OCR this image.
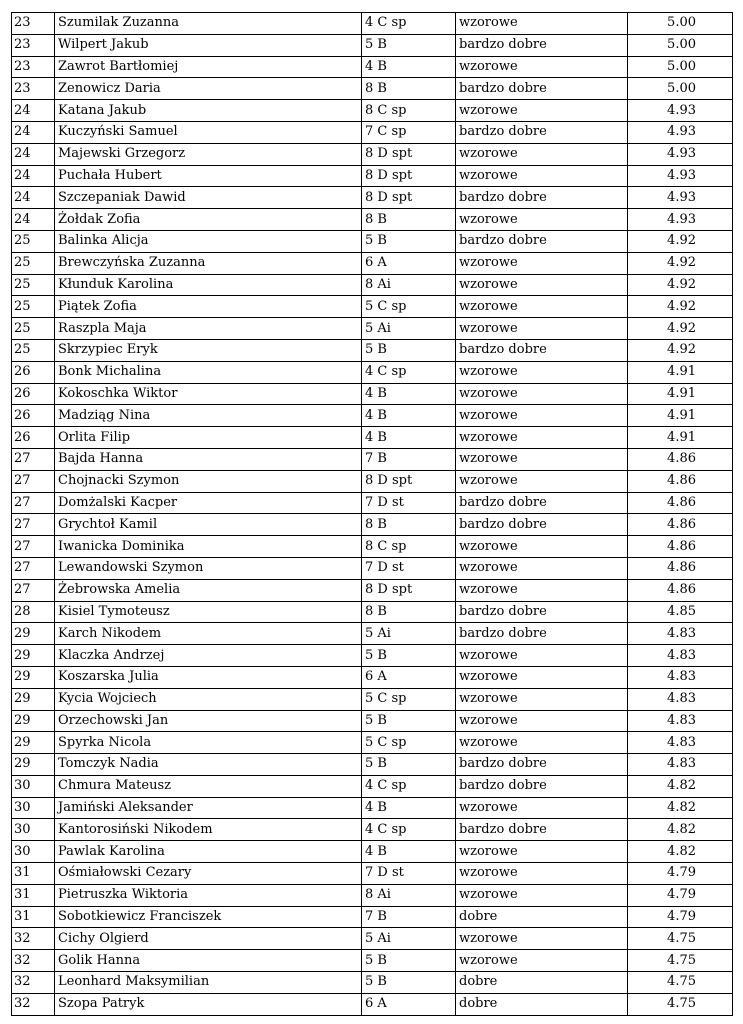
23	Szumilak Zuzanna	4 C sp	wzorowe	5.00
23	Wilpert Jakub	5 B	bardzo dobre	5.00
23	Zawrot Bartłomiej	4 B	wzorowe	5.00
23	Zenowicz Daria	8 B	bardzo dobre	5.00
24	Katana Jakub	8 C sp	wzorowe	4.93
24	Kuczyński Samuel	7 C sp	bardzo dobre	4.93
24	Majewski Grzegorz	8 D spt	wzorowe	4.93
24	Puchała Hubert	8 D spt	wzorowe	4.93
24	Szczepaniak Dawid	8 D spt	bardzo dobre	4.93
24	Żołdak Zofia	8 B	wzorowe	4.93
25	Balinka Alicja	5 B	bardzo dobre	4.92
25	Brewczyńska Zuzanna	6 A	wzorowe	4.92
25	Kłunduk Karolina	8 Ai	wzorowe	4.92
25	Piątek Zofia	5 C sp	wzorowe	4.92
25	Raszpla Maja	5 Ai	wzorowe	4.92
25	Skrzypiec Eryk	5 B	bardzo dobre	4.92
26	Bonk Michalina	4 C sp	wzorowe	4.91
26	Kokoschka Wiktor	4 B	wzorowe	4.91
26	Madziąg Nina	4 B	wzorowe	4.91
26	Orlita Filip	4 B	wzorowe	4.91
27	Bajda Hanna	7 B	wzorowe	4.86
27	Chojnacki Szymon	8 D spt	wzorowe	4.86
27	Domżalski Kacper	7 D st	bardzo dobre	4.86
27	Grychtoł Kamil	8 B	bardzo dobre	4.86
27	Iwanicka Dominika	8 C sp	wzorowe	4.86
27	Lewandowski Szymon	7 D st	wzorowe	4.86
27	Żebrowska Amelia	8 D spt	wzorowe	4.86
28	Kisiel Tymoteusz	8 B	bardzo dobre	4.85
29	Karch Nikodem	5 Ai	bardzo dobre	4.83
29	Klaczka Andrzej	5 B	wzorowe	4.83
29	Koszarska Julia	6 A	wzorowe	4.83
29	Kycia Wojciech	5 C sp	wzorowe	4.83
29	Orzechowski Jan	5 B	wzorowe	4.83
29	Spyrka Nicola	5 C sp	wzorowe	4.83
29	Tomczyk Nadia	5 B	bardzo dobre	4.83
30	Chmura Mateusz	4 C sp	bardzo dobre	4.82
30	Jamiński Aleksander	4 B	wzorowe	4.82
30	Kantorosiński Nikodem	4 C sp	bardzo dobre	4.82
30	Pawlak Karolina	4 B	wzorowe	4.82
31	Ośmiałowski Cezary	7 D st	wzorowe	4.79
31	Pietruszka Wiktoria	8 Ai	wzorowe	4.79
31	Sobotkiewicz Franciszek	7 B	dobre	4.79
32	Cichy Olgierd	5 Ai	wzorowe	4.75
32	Golik Hanna	5 B	wzorowe	4.75
32	Leonhard Maksymilian	5 B	dobre	4.75
32	Szopa Patryk	6 A	dobre	4.75
